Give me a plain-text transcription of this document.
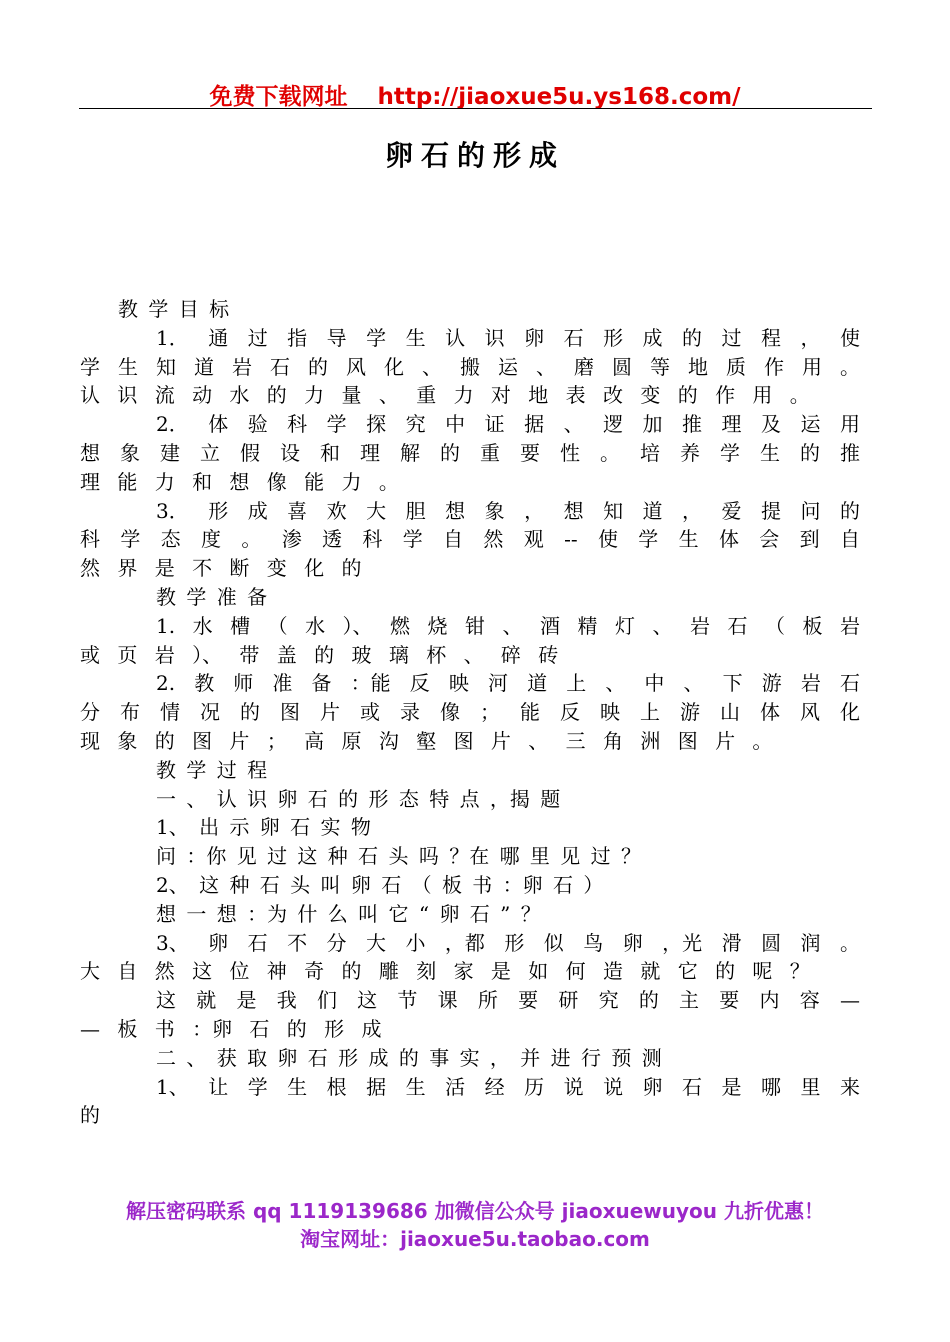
免费下载网址 http://jiaoxue5u.ys168.com/
卵石的形成
教 学 目 标
1． 通 过 指 导 学 生 认 识 卵 石 形 成 的 过 程 ， 使
学 生 知 道 岩 石 的 风 化 、 搬 运 、 磨 圆 等 地 质 作 用 。
认 识 流 动 水 的 力 量 、 重 力 对 地 表 改 变 的 作 用 。
2． 体 验 科 学 探 究 中 证 据 、 逻 加 推 理 及 运 用
想 象 建 立 假 设 和 理 解 的 重 要 性 。 培 养 学 生 的 推
理 能 力 和 想 像 能 力 。
3． 形 成 喜 欢 大 胆 想 象 ， 想 知 道 ， 爱 提 问 的
科 学 态 度 。 渗 透 科 学 自 然 观 -- 使 学 生 体 会 到 自
然 界 是 不 断 变 化 的
教 学 准 备
1. 水 槽 （ 水 ）、 燃 烧 钳 、 酒 精 灯 、 岩 石 （ 板 岩
或 页 岩 ）、 带 盖 的 玻 璃 杯 、 碎 砖
2. 教 师 准 备 ：能 反 映 河 道 上 、 中 、 下 游 岩 石
分 布 情 况 的 图 片 或 录 像 ； 能 反 映 上 游 山 体 风 化
现 象 的 图 片 ； 高 原 沟 壑 图 片 、 三 角 洲 图 片 。
教 学 过 程
一 、 认 识 卵 石 的 形 态 特 点 ，揭 题
1、 出 示 卵 石 实 物
问 ：你 见 过 这 种 石 头 吗 ？在 哪 里 见 过 ？
2、 这 种 石 头 叫 卵 石 （ 板 书 ：卵 石 ）
想 一 想 ：为 什 么 叫 它 “ 卵 石 ” ？
3、 卵 石 不 分 大 小 ，都 形 似 鸟 卵 ，光 滑 圆 润 。
大 自 然 这 位 神 奇 的 雕 刻 家 是 如 何 造 就 它 的 呢 ？
这 就 是 我 们 这 节 课 所 要 研 究 的 主 要 内 容 —
— 板 书 ：卵 石 的 形 成
二 、 获 取 卵 石 形 成 的 事 实 ， 并 进 行 预 测
1、 让 学 生 根 据 生 活 经 历 说 说 卵 石 是 哪 里 来
的
解压密码联系 qq 1119139686 加微信公众号 jiaoxuewuyou 九折优惠！
淘宝网址：jiaoxue5u.taobao.com
